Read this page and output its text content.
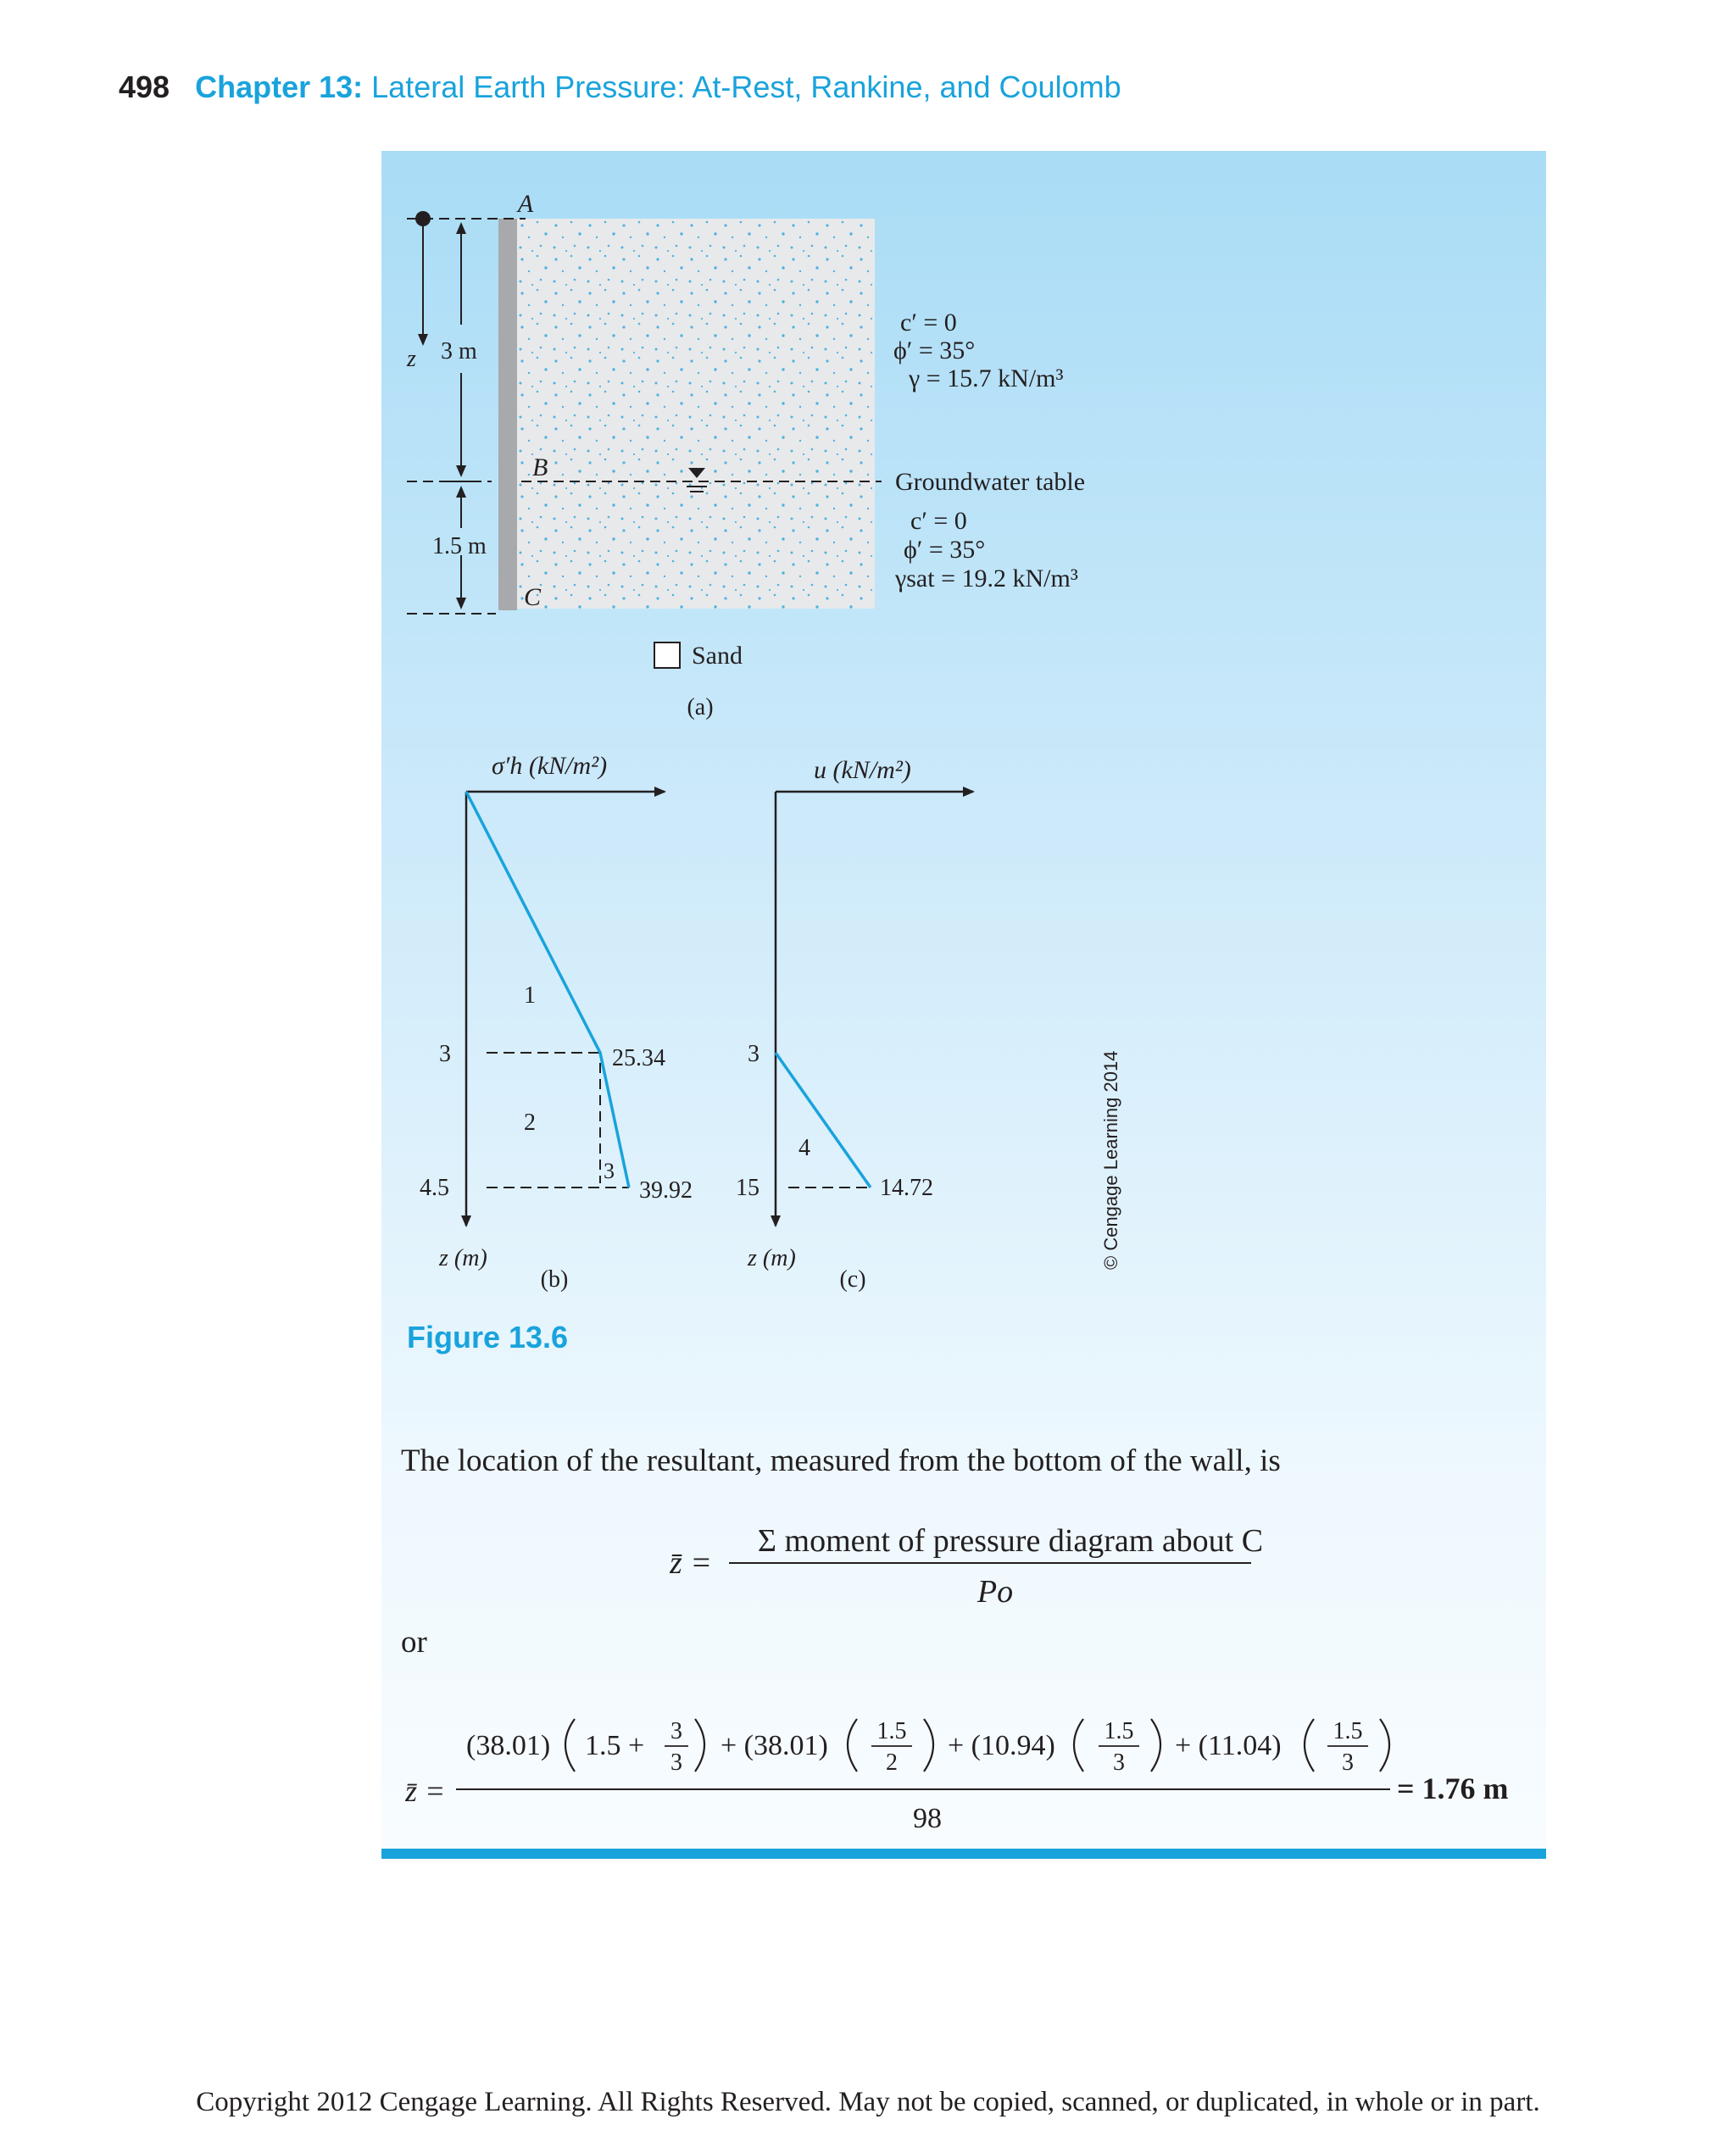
498 Chapter 13: Lateral Earth Pressure: At-Rest, Rankine, and Coulomb
A
B
C
z 3 m
1.5 m
c′ = 0
ϕ′ = 35°
γ = 15.7 kN/m³
Groundwater table
c′ = 0
ϕ′ = 35°
γsat = 19.2 kN/m³
Sand
(a)
σ′h (kN/m²)
3
4.5
25.34
39.92
1
2
3
z (m)
(b)
u (kN/m²)
3
15	14.72
4
z (m)
(c)
© Cengage Learning 2014
Figure 13.6
The location of the resultant, measured from the bottom of the wall, is
z̄ =
Σ moment of pressure diagram about C
Po
or
z̄ =
(38.01) 1.5 + 3
3
+ (38.01) 1.5
2
+ (10.94) 1.5
3
+ (11.04) 1.5
3
98
= 1.76 m
Copyright 2012 Cengage Learning. All Rights Reserved. May not be copied, scanned, or duplicated, in whole or in part.
